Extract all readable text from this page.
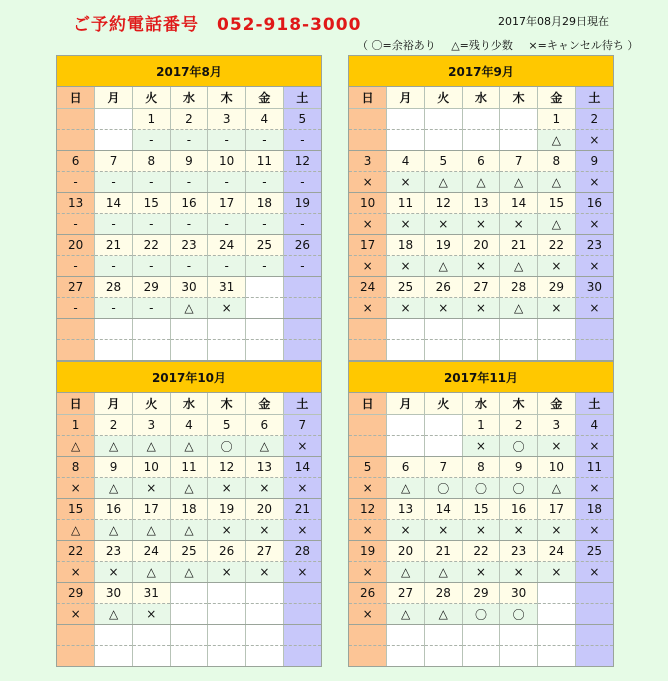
ご予約電話番号　052-918-3000	2017年08月29日現在
（ 〇=余裕あり △=残り少数 ×=キャンセル待ち ）
2017年8月
日	月	火	水	木	金	土
		1	2	3	4	5
		-	-	-	-	-
6	7	8	9	10	11	12
-	-	-	-	-	-	-
13	14	15	16	17	18	19
-	-	-	-	-	-	-
20	21	22	23	24	25	26
-	-	-	-	-	-	-
27	28	29	30	31		
-	-	-	△	×		

2017年9月
日	月	火	水	木	金	土
					1	2
					△	×
3	4	5	6	7	8	9
×	×	△	△	△	△	×
10	11	12	13	14	15	16
×	×	×	×	×	△	×
17	18	19	20	21	22	23
×	×	△	×	△	×	×
24	25	26	27	28	29	30
×	×	×	×	△	×	×

2017年10月
日	月	火	水	木	金	土
1	2	3	4	5	6	7
△	△	△	△	〇	△	×
8	9	10	11	12	13	14
×	△	×	△	×	×	×
15	16	17	18	19	20	21
△	△	△	△	×	×	×
22	23	24	25	26	27	28
×	×	△	△	×	×	×
29	30	31				
×	△	×				

2017年11月
日	月	火	水	木	金	土
			1	2	3	4
			×	〇	×	×
5	6	7	8	9	10	11
×	△	〇	〇	〇	△	×
12	13	14	15	16	17	18
×	×	×	×	×	×	×
19	20	21	22	23	24	25
×	△	△	×	×	×	×
26	27	28	29	30		
×	△	△	〇	〇		
